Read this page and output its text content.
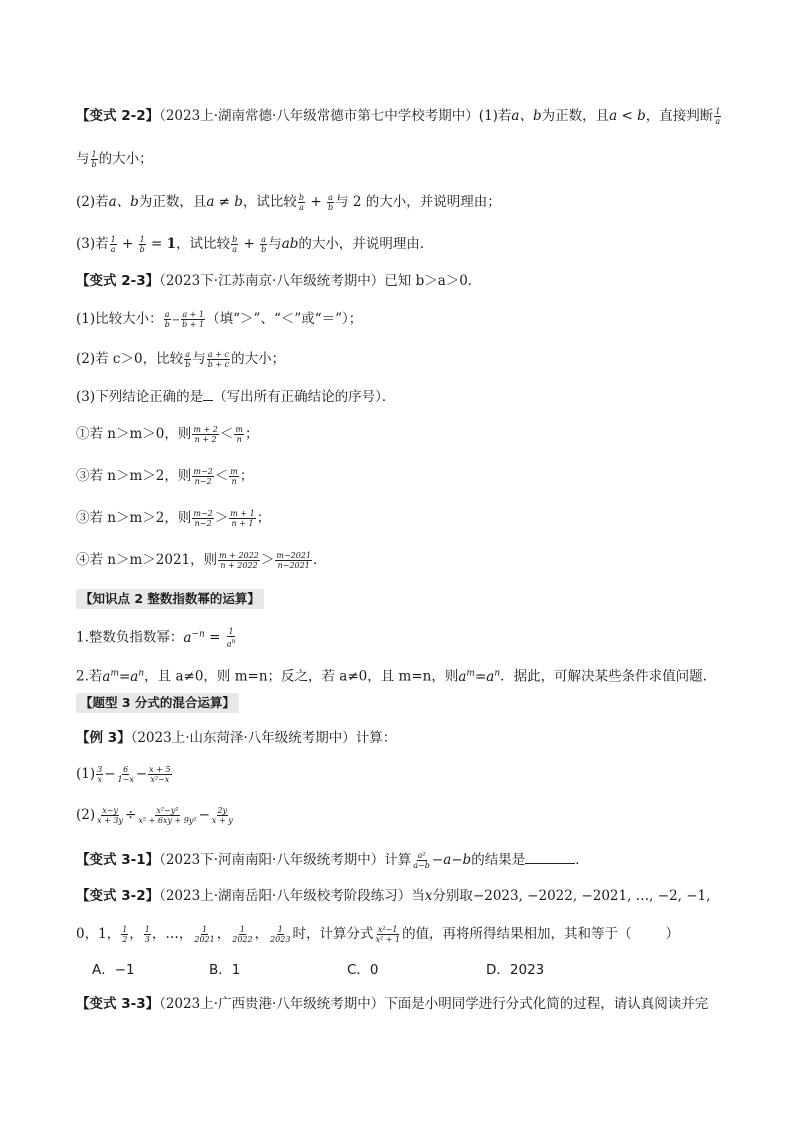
【变式 2-2】（2023上·湖南常德·八年级常德市第七中学校考期中）(1)若a、b为正数，且a < b，直接判断 $\frac{1}{a}$
与 $\frac{1}{b}$ 的大小；
(2)若a、b为正数，且a ≠ b，试比较 $\frac{b}{a} + \frac{a}{b}$ 与 2 的大小，并说明理由；
(3)若 $\frac{1}{a} + \frac{1}{b} = 1$，试比较 $\frac{b}{a} + \frac{a}{b}$ 与ab的大小，并说明理由．
【变式 2-3】（2023下·江苏南京·八年级统考期中）已知 b＞a＞0．
(1)比较大小： $\frac{a}{b} - \frac{a + 1}{b + 1}$ （填“＞”、“＜”或“＝”）；
(2)若 c＞0，比较 $\frac{a}{b}$ 与 $\frac{a + c}{b + c}$ 的大小；
(3)下列结论正确的是 （写出所有正确结论的序号）．
①若 n＞m＞0，则 $\frac{m + 2}{n + 2} < \frac{m}{n}$ ；
③若 n＞m＞2，则 $\frac{m-2}{n-2} < \frac{m}{n}$ ；
③若 n＞m＞2，则 $\frac{m-2}{n-2} > \frac{m + 1}{n + 1}$ ；
④若 n＞m＞2021，则 $\frac{m + 2022}{n + 2022} > \frac{m-2021}{n-2021}$ ．
【知识点 2 整数指数幂的运算】
1.整数负指数幂：$a^{-n} = \frac{1}{a^n}$
2.若$a^m=a^n$，且 a≠0，则 m=n；反之，若 a≠0，且 m=n，则$a^m=a^n$．据此，可解决某些条件求值问题.
【题型 3 分式的混合运算】
【例 3】（2023上·山东菏泽·八年级统考期中）计算：
$(1) \frac{3}{x} - \frac{6}{1-x} - \frac{x + 5}{\text{x²−x}}$
$(2) \frac{x-y}{x + 3y} \div \frac{\text{x²−y²}}{\text{x² + 6xy + 9y²}} - \frac{2y}{x + y}$
【变式 3-1】（2023下·河南南阳·八年级统考期中）计算 $\frac{\text{a²}}{a-b} -a-b$的结果是	．
【变式 3-2】（2023上·湖南岳阳·八年级校考阶段练习）当x分别取−2023, −2022, −2021, …, −2, −1,
0，1， $\frac{1}{2}$ ， $\frac{1}{3}$ ，…， $\frac{1}{2021}$ ， $\frac{1}{2022}$ ， $\frac{1}{2023}$ 时，计算分式 $\frac{\text{x²−1}}{\text{x² + 1}}$ 的值，再将所得结果相加，其和等于（	）
A．−1	B．1	C．0	D．2023
【变式 3-3】（2023上·广西贵港·八年级统考期中）下面是小明同学进行分式化简的过程，请认真阅读并完
